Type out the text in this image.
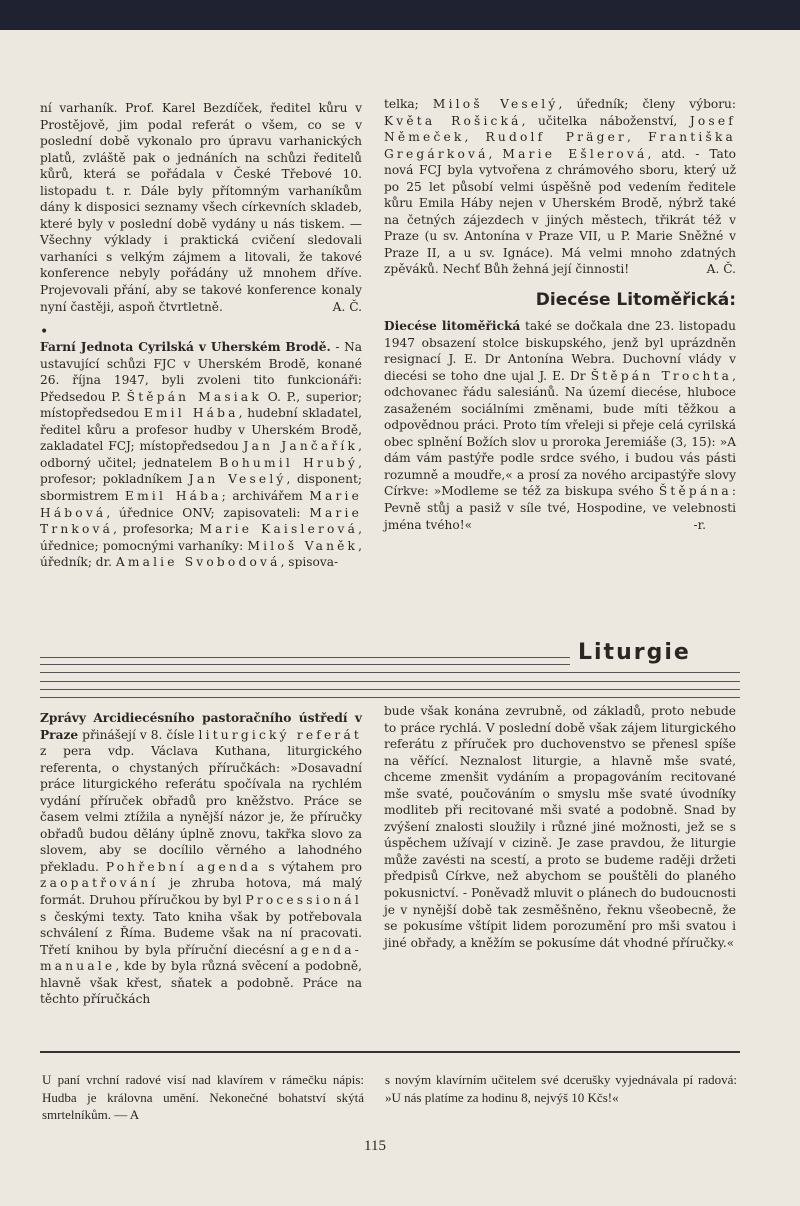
ní varhaník. Prof. Karel Bezdíček, ředitel kůru v Prostějově, jim podal referát o všem, co se v poslední době vykonalo pro úpravu varhanických platů, zvláště pak o jednáních na schůzi ředitelů kůrů, která se pořádala v České Třebové 10. listopadu t. r. Dále byly přítomným varhaníkům dány k disposici seznamy všech církevních skladeb, které byly v poslední době vydány u nás tiskem. — Všechny výklady i praktická cvičení sledovali varhaníci s velkým zájmem a litovali, že takové konference nebyly pořádány už mnohem dříve. Projevovali přání, aby se takové konference konaly nyní častěji, aspoň čtvrtletně.	A. Č.

•

Farní Jednota Cyrilská v Uherském Brodě. - Na ustavující schůzi FJC v Uherském Brodě, konané 26. října 1947, byli zvoleni tito funkcionáři: Předsedou P. Štěpán Masiak O. P., superior; místopředsedou Emil Hába, hudební skladatel, ředitel kůru a profesor hudby v Uherském Brodě, zakladatel FCJ; místopředsedou Jan Jančařík, odborný učitel; jednatelem Bohumil Hrubý, profesor; pokladníkem Jan Veselý, disponent; sbormistrem Emil Hába; archivářem Marie Hábová, úřednice ONV; zapisovateli: Marie Trnková, profesorka; Marie Kaislerová, úřednice; pomocnými varhaníky: Miloš Vaněk, úředník; dr. Amalie Svobodová, spisova-

telka; Miloš Veselý, úředník; členy výboru: Květa Rošická, učitelka náboženství, Josef Němeček, Rudolf Präger, Františka Gregárková, Marie Ešlerová, atd. - Tato nová FCJ byla vytvořena z chrámového sboru, který už po 25 let působí velmi úspěšně pod vedením ředitele kůru Emila Háby nejen v Uherském Brodě, nýbrž také na četných zájezdech v jiných městech, třikrát též v Praze (u sv. Antonína v Praze VII, u P. Marie Sněžné v Praze II, a u sv. Ignáce). Má velmi mnoho zdatných zpěváků. Nechť Bůh žehná její činnosti!	A. Č.

Diecése Litoměřická:

Diecése litoměřická také se dočkala dne 23. listopadu 1947 obsazení stolce biskupského, jenž byl uprázdněn resignací J. E. Dr Antonína Webra. Duchovní vlády v diecési se toho dne ujal J. E. Dr Štěpán Trochta, odchovanec řádu salesiánů. Na území diecése, hluboce zasaženém sociálními změnami, bude míti těžkou a odpovědnou práci. Proto tím vřeleji si přeje celá cyrilská obec splnění Božích slov u proroka Jeremiáše (3, 15): »A dám vám pastýře podle srdce svého, i budou vás pásti rozumně a moudře,« a prosí za nového arcipastýře slovy Církve: »Modleme se též za biskupa svého Štěpána: Pevně stůj a pasiž v síle tvé, Hospodine, ve velebnosti jména tvého!«	-r.

Liturgie

Zprávy Arcidiecésního pastoračního ústředí v Praze přinášejí v 8. čísle liturgický referát z pera vdp. Václava Kuthana, liturgického referenta, o chystaných příručkách: »Dosavadní práce liturgického referátu spočívala na rychlém vydání příruček obřadů pro kněžstvo. Práce se časem velmi ztížila a nynější názor je, že příručky obřadů budou dělány úplně znovu, takřka slovo za slovem, aby se docílilo věrného a lahodného překladu. Pohřební agenda s výtahem pro zaopatřování je zhruba hotova, má malý formát. Druhou příručkou by byl Processionál s českými texty. Tato kniha však by potřebovala schválení z Říma. Budeme však na ní pracovati. Třetí knihou by byla příruční diecésní agenda-manuale, kde by byla různá svěcení a podobně, hlavně však křest, sňatek a podobně. Práce na těchto příručkách

bude však konána zevrubně, od základů, proto nebude to práce rychlá. V poslední době však zájem liturgického referátu z příruček pro duchovenstvo se přenesl spíše na věřící. Neznalost liturgie, a hlavně mše svaté, chceme zmenšit vydáním a propagováním recitované mše svaté, poučováním o smyslu mše svaté úvodníky modliteb při recitované mši svaté a podobně. Snad by zvýšení znalosti sloužily i různé jiné možnosti, jež se s úspěchem užívají v cizině. Je zase pravdou, že liturgie může zavésti na scestí, a proto se budeme raději držeti předpisů Církve, než abychom se pouštěli do planého pokusnictví. - Poněvadž mluvit o plánech do budoucnosti je v nynější době tak zesměšněno, řeknu všeobecně, že se pokusíme vštípit lidem porozumění pro mši svatou i jiné obřady, a kněžím se pokusíme dát vhodné příručky.«

U paní vrchní radové visí nad klavírem v rámečku nápis: Hudba je královna umění. Nekonečné bohatství skýtá smrtelníkům. — A
s novým klavírním učitelem své dcerušky vyjednávala pí radová: »U nás platíme za hodinu 8, nejvýš 10 Kčs!«
115
